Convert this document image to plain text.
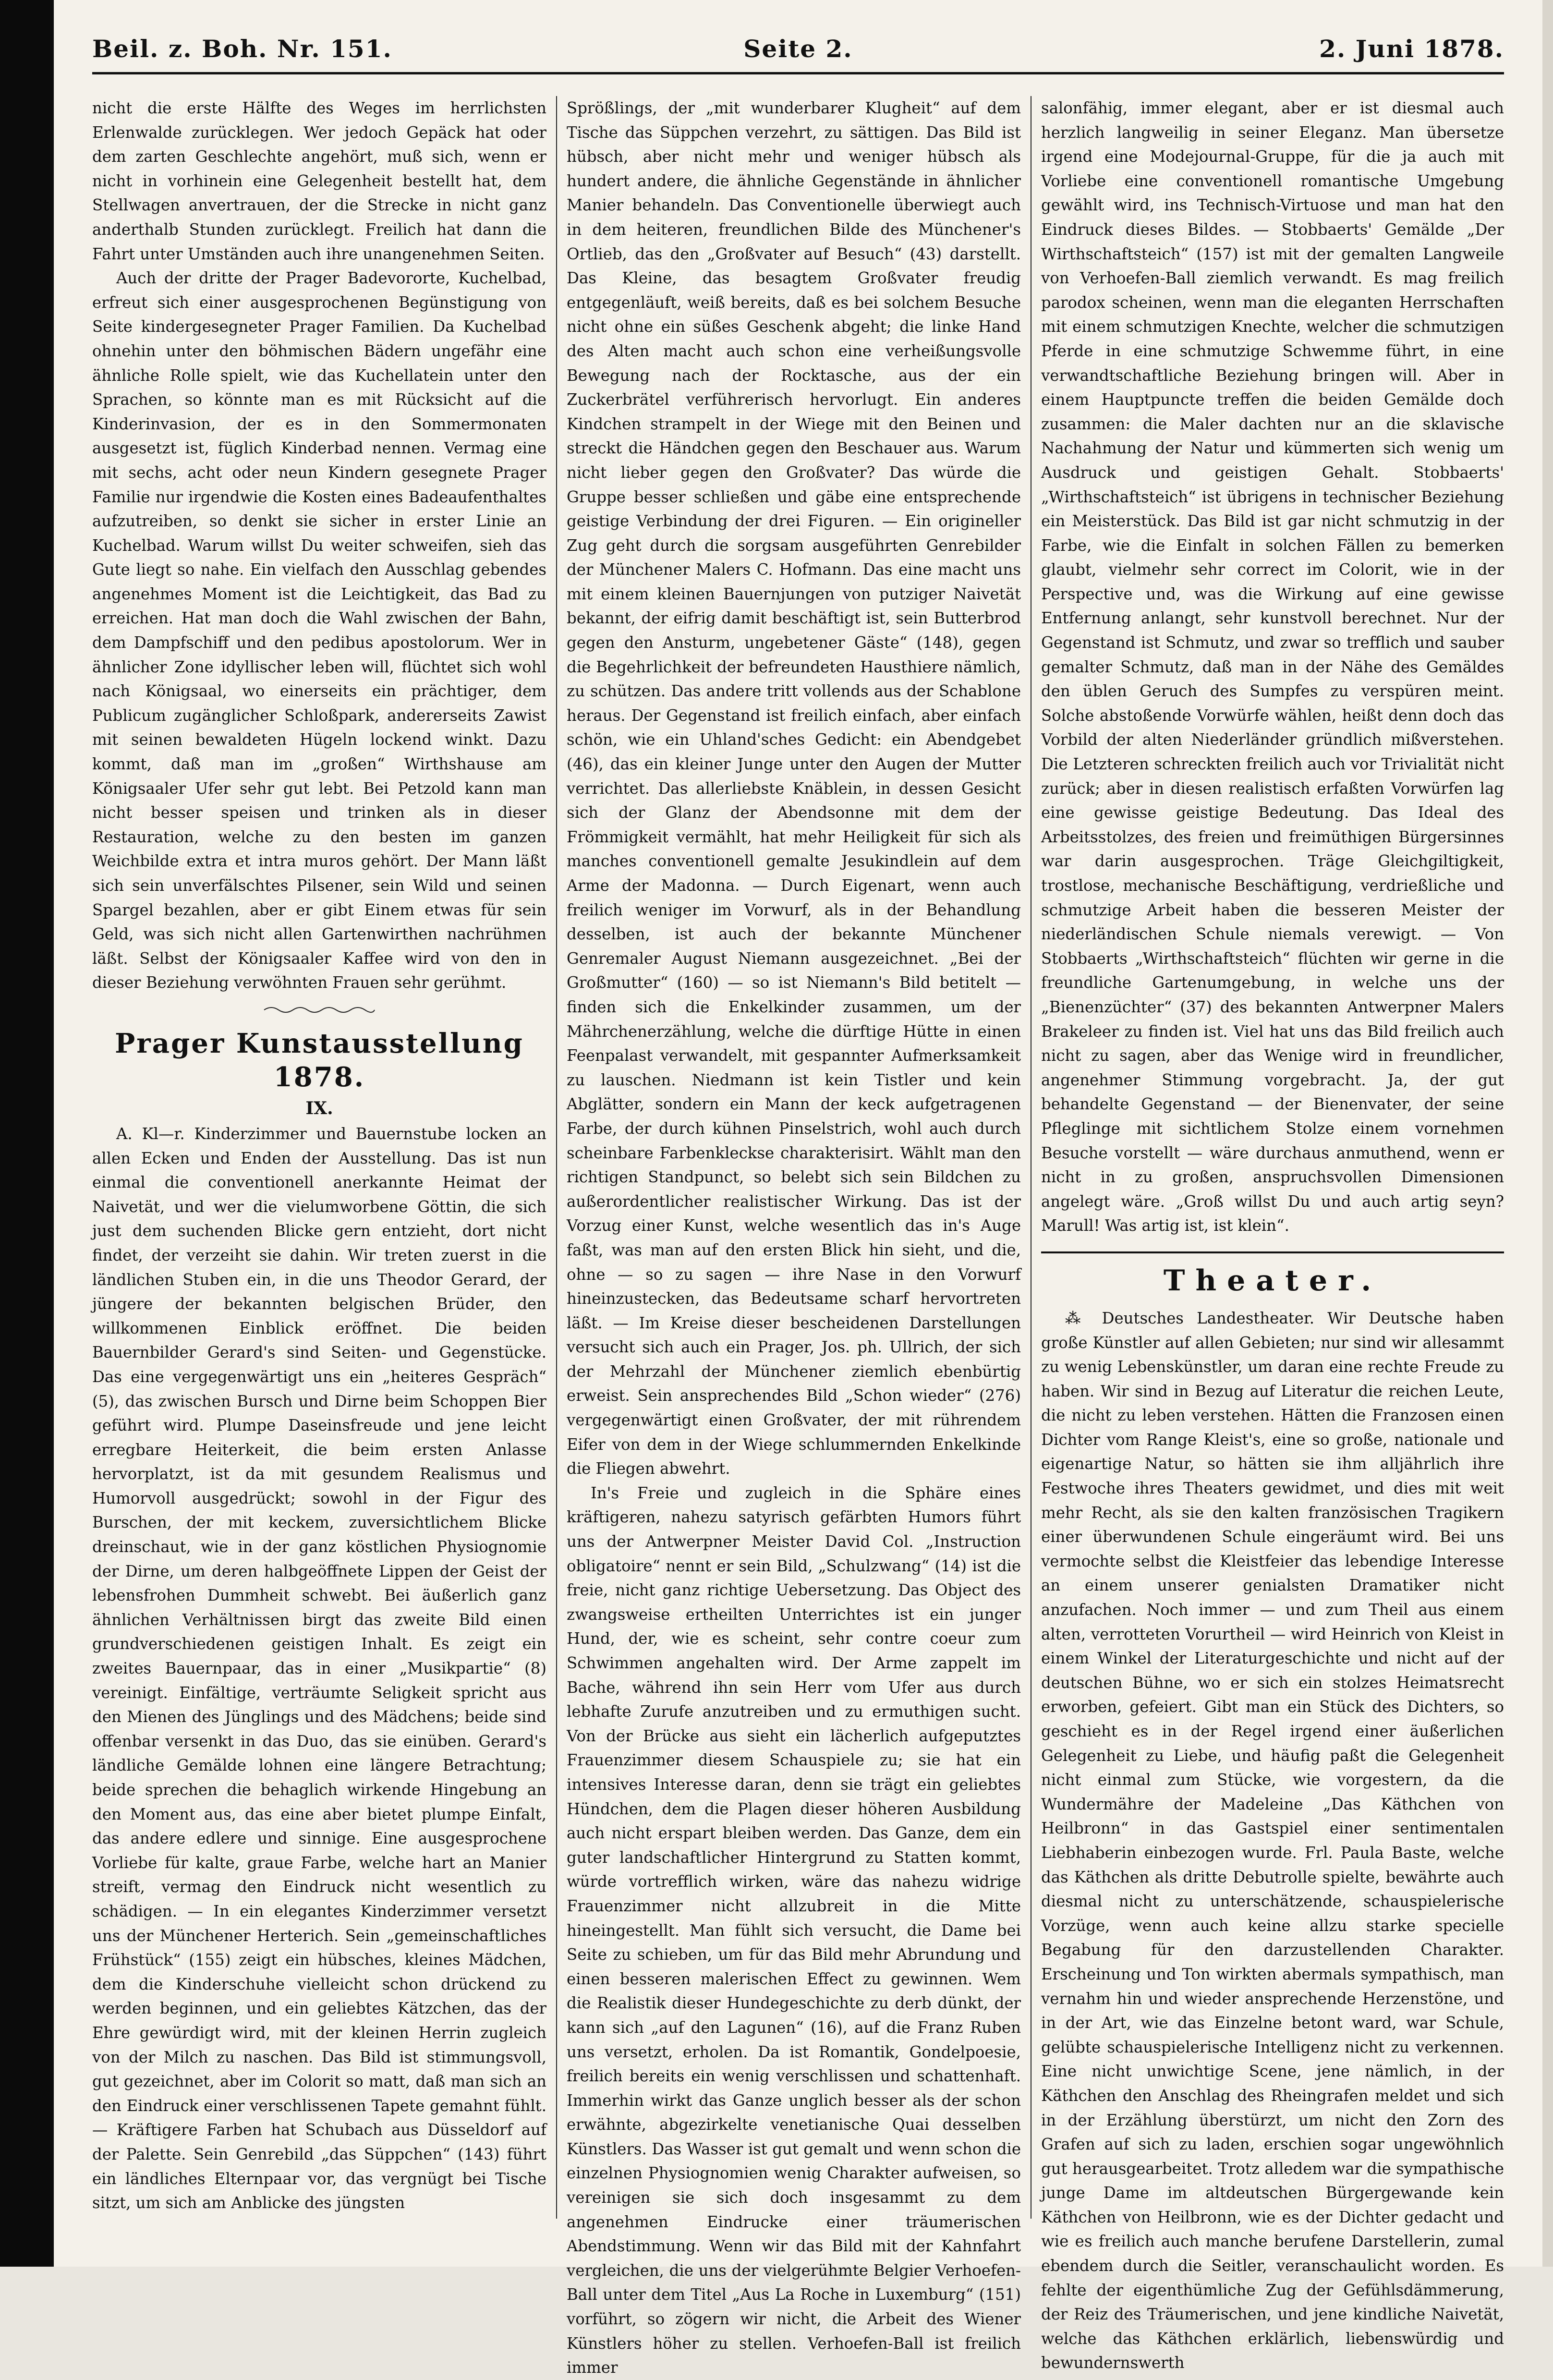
Beil. z. Boh. Nr. 151.	Seite 2.	2. Juni 1878.

nicht die erste Hälfte des Weges im herrlichsten Erlenwalde zurücklegen. Wer jedoch Gepäck hat oder dem zarten Geschlechte angehört, muß sich, wenn er nicht in vorhinein eine Gelegenheit bestellt hat, dem Stellwagen anvertrauen, der die Strecke in nicht ganz anderthalb Stunden zurücklegt. Freilich hat dann die Fahrt unter Umständen auch ihre unangenehmen Seiten.

Auch der dritte der Prager Badevororte, Kuchelbad, erfreut sich einer ausgesprochenen Begünstigung von Seite kindergesegneter Prager Familien. Da Kuchelbad ohnehin unter den böhmischen Bädern ungefähr eine ähnliche Rolle spielt, wie das Kuchellatein unter den Sprachen, so könnte man es mit Rücksicht auf die Kinderinvasion, der es in den Sommermonaten ausgesetzt ist, füglich Kinderbad nennen. Vermag eine mit sechs, acht oder neun Kindern gesegnete Prager Familie nur irgendwie die Kosten eines Badeaufenthaltes aufzutreiben, so denkt sie sicher in erster Linie an Kuchelbad. Warum willst Du weiter schweifen, sieh das Gute liegt so nahe. Ein vielfach den Ausschlag gebendes angenehmes Moment ist die Leichtigkeit, das Bad zu erreichen. Hat man doch die Wahl zwischen der Bahn, dem Dampfschiff und den pedibus apostolorum. Wer in ähnlicher Zone idyllischer leben will, flüchtet sich wohl nach Königsaal, wo einerseits ein prächtiger, dem Publicum zugänglicher Schloßpark, andererseits Zawist mit seinen bewaldeten Hügeln lockend winkt. Dazu kommt, daß man im „großen“ Wirthshause am Königsaaler Ufer sehr gut lebt. Bei Petzold kann man nicht besser speisen und trinken als in dieser Restauration, welche zu den besten im ganzen Weichbilde extra et intra muros gehört. Der Mann läßt sich sein unverfälschtes Pilsener, sein Wild und seinen Spargel bezahlen, aber er gibt Einem etwas für sein Geld, was sich nicht allen Gartenwirthen nachrühmen läßt. Selbst der Königsaaler Kaffee wird von den in dieser Beziehung verwöhnten Frauen sehr gerühmt.

Prager Kunstausstellung 1878.
IX.

A. Kl—r. Kinderzimmer und Bauernstube locken an allen Ecken und Enden der Ausstellung. Das ist nun einmal die conventionell anerkannte Heimat der Naivetät, und wer die vielumworbene Göttin, die sich just dem suchenden Blicke gern entzieht, dort nicht findet, der verzeiht sie dahin. Wir treten zuerst in die ländlichen Stuben ein, in die uns Theodor Gerard, der jüngere der bekannten belgischen Brüder, den willkommenen Einblick eröffnet. Die beiden Bauernbilder Gerard's sind Seiten- und Gegenstücke. Das eine vergegenwärtigt uns ein „heiteres Gespräch“ (5), das zwischen Bursch und Dirne beim Schoppen Bier geführt wird. Plumpe Daseinsfreude und jene leicht erregbare Heiterkeit, die beim ersten Anlasse hervorplatzt, ist da mit gesundem Realismus und Humorvoll ausgedrückt; sowohl in der Figur des Burschen, der mit keckem, zuversichtlichem Blicke dreinschaut, wie in der ganz köstlichen Physiognomie der Dirne, um deren halbgeöffnete Lippen der Geist der lebensfrohen Dummheit schwebt. Bei äußerlich ganz ähnlichen Verhältnissen birgt das zweite Bild einen grundverschiedenen geistigen Inhalt. Es zeigt ein zweites Bauernpaar, das in einer „Musikpartie“ (8) vereinigt. Einfältige, verträumte Seligkeit spricht aus den Mienen des Jünglings und des Mädchens; beide sind offenbar versenkt in das Duo, das sie einüben. Gerard's ländliche Gemälde lohnen eine längere Betrachtung; beide sprechen die behaglich wirkende Hingebung an den Moment aus, das eine aber bietet plumpe Einfalt, das andere edlere und sinnige. Eine ausgesprochene Vorliebe für kalte, graue Farbe, welche hart an Manier streift, vermag den Eindruck nicht wesentlich zu schädigen. — In ein elegantes Kinderzimmer versetzt uns der Münchener Herterich. Sein „gemeinschaftliches Frühstück“ (155) zeigt ein hübsches, kleines Mädchen, dem die Kinderschuhe vielleicht schon drückend zu werden beginnen, und ein geliebtes Kätzchen, das der Ehre gewürdigt wird, mit der kleinen Herrin zugleich von der Milch zu naschen. Das Bild ist stimmungsvoll, gut gezeichnet, aber im Colorit so matt, daß man sich an den Eindruck einer verschlissenen Tapete gemahnt fühlt. — Kräftigere Farben hat Schubach aus Düsseldorf auf der Palette. Sein Genrebild „das Süppchen“ (143) führt ein ländliches Elternpaar vor, das vergnügt bei Tische sitzt, um sich am Anblicke des jüngsten

Sprößlings, der „mit wunderbarer Klugheit“ auf dem Tische das Süppchen verzehrt, zu sättigen. Das Bild ist hübsch, aber nicht mehr und weniger hübsch als hundert andere, die ähnliche Gegenstände in ähnlicher Manier behandeln. Das Conventionelle überwiegt auch in dem heiteren, freundlichen Bilde des Münchener's Ortlieb, das den „Großvater auf Besuch“ (43) darstellt. Das Kleine, das besagtem Großvater freudig entgegenläuft, weiß bereits, daß es bei solchem Besuche nicht ohne ein süßes Geschenk abgeht; die linke Hand des Alten macht auch schon eine verheißungsvolle Bewegung nach der Rocktasche, aus der ein Zuckerbrätel verführerisch hervorlugt. Ein anderes Kindchen strampelt in der Wiege mit den Beinen und streckt die Händchen gegen den Beschauer aus. Warum nicht lieber gegen den Großvater? Das würde die Gruppe besser schließen und gäbe eine entsprechende geistige Verbindung der drei Figuren. — Ein origineller Zug geht durch die sorgsam ausgeführten Genrebilder der Münchener Malers C. Hofmann. Das eine macht uns mit einem kleinen Bauernjungen von putziger Naivetät bekannt, der eifrig damit beschäftigt ist, sein Butterbrod gegen den Ansturm, ungebetener Gäste“ (148), gegen die Begehrlichkeit der befreundeten Hausthiere nämlich, zu schützen. Das andere tritt vollends aus der Schablone heraus. Der Gegenstand ist freilich einfach, aber einfach schön, wie ein Uhland'sches Gedicht: ein Abendgebet (46), das ein kleiner Junge unter den Augen der Mutter verrichtet. Das allerliebste Knäblein, in dessen Gesicht sich der Glanz der Abendsonne mit dem der Frömmigkeit vermählt, hat mehr Heiligkeit für sich als manches conventionell gemalte Jesukindlein auf dem Arme der Madonna. — Durch Eigenart, wenn auch freilich weniger im Vorwurf, als in der Behandlung desselben, ist auch der bekannte Münchener Genremaler August Niemann ausgezeichnet. „Bei der Großmutter“ (160) — so ist Niemann's Bild betitelt — finden sich die Enkelkinder zusammen, um der Mährchenerzählung, welche die dürftige Hütte in einen Feenpalast verwandelt, mit gespannter Aufmerksamkeit zu lauschen. Niedmann ist kein Tistler und kein Abglätter, sondern ein Mann der keck aufgetragenen Farbe, der durch kühnen Pinselstrich, wohl auch durch scheinbare Farbenkleckse charakterisirt. Wählt man den richtigen Standpunct, so belebt sich sein Bildchen zu außerordentlicher realistischer Wirkung. Das ist der Vorzug einer Kunst, welche wesentlich das in's Auge faßt, was man auf den ersten Blick hin sieht, und die, ohne — so zu sagen — ihre Nase in den Vorwurf hineinzustecken, das Bedeutsame scharf hervortreten läßt. — Im Kreise dieser bescheidenen Darstellungen versucht sich auch ein Prager, Jos. ph. Ullrich, der sich der Mehrzahl der Münchener ziemlich ebenbürtig erweist. Sein ansprechendes Bild „Schon wieder“ (276) vergegenwärtigt einen Großvater, der mit rührendem Eifer von dem in der Wiege schlummernden Enkelkinde die Fliegen abwehrt.

In's Freie und zugleich in die Sphäre eines kräftigeren, nahezu satyrisch gefärbten Humors führt uns der Antwerpner Meister David Col. „Instruction obligatoire“ nennt er sein Bild, „Schulzwang“ (14) ist die freie, nicht ganz richtige Uebersetzung. Das Object des zwangsweise ertheilten Unterrichtes ist ein junger Hund, der, wie es scheint, sehr contre coeur zum Schwimmen angehalten wird. Der Arme zappelt im Bache, während ihn sein Herr vom Ufer aus durch lebhafte Zurufe anzutreiben und zu ermuthigen sucht. Von der Brücke aus sieht ein lächerlich aufgeputztes Frauenzimmer diesem Schauspiele zu; sie hat ein intensives Interesse daran, denn sie trägt ein geliebtes Hündchen, dem die Plagen dieser höheren Ausbildung auch nicht erspart bleiben werden. Das Ganze, dem ein guter landschaftlicher Hintergrund zu Statten kommt, würde vortrefflich wirken, wäre das nahezu widrige Frauenzimmer nicht allzubreit in die Mitte hineingestellt. Man fühlt sich versucht, die Dame bei Seite zu schieben, um für das Bild mehr Abrundung und einen besseren malerischen Effect zu gewinnen. Wem die Realistik dieser Hundegeschichte zu derb dünkt, der kann sich „auf den Lagunen“ (16), auf die Franz Ruben uns versetzt, erholen. Da ist Romantik, Gondelpoesie, freilich bereits ein wenig verschlissen und schattenhaft. Immerhin wirkt das Ganze unglich besser als der schon erwähnte, abgezirkelte venetianische Quai desselben Künstlers. Das Wasser ist gut gemalt und wenn schon die einzelnen Physiognomien wenig Charakter aufweisen, so vereinigen sie sich doch insgesammt zu dem angenehmen Eindrucke einer träumerischen Abendstimmung. Wenn wir das Bild mit der Kahnfahrt vergleichen, die uns der vielgerühmte Belgier Verhoefen-Ball unter dem Titel „Aus La Roche in Luxemburg“ (151) vorführt, so zögern wir nicht, die Arbeit des Wiener Künstlers höher zu stellen. Verhoefen-Ball ist freilich immer

salonfähig, immer elegant, aber er ist diesmal auch herzlich langweilig in seiner Eleganz. Man übersetze irgend eine Modejournal-Gruppe, für die ja auch mit Vorliebe eine conventionell romantische Umgebung gewählt wird, ins Technisch-Virtuose und man hat den Eindruck dieses Bildes. — Stobbaerts' Gemälde „Der Wirthschaftsteich“ (157) ist mit der gemalten Langweile von Verhoefen-Ball ziemlich verwandt. Es mag freilich parodox scheinen, wenn man die eleganten Herrschaften mit einem schmutzigen Knechte, welcher die schmutzigen Pferde in eine schmutzige Schwemme führt, in eine verwandtschaftliche Beziehung bringen will. Aber in einem Hauptpuncte treffen die beiden Gemälde doch zusammen: die Maler dachten nur an die sklavische Nachahmung der Natur und kümmerten sich wenig um Ausdruck und geistigen Gehalt. Stobbaerts' „Wirthschaftsteich“ ist übrigens in technischer Beziehung ein Meisterstück. Das Bild ist gar nicht schmutzig in der Farbe, wie die Einfalt in solchen Fällen zu bemerken glaubt, vielmehr sehr correct im Colorit, wie in der Perspective und, was die Wirkung auf eine gewisse Entfernung anlangt, sehr kunstvoll berechnet. Nur der Gegenstand ist Schmutz, und zwar so trefflich und sauber gemalter Schmutz, daß man in der Nähe des Gemäldes den üblen Geruch des Sumpfes zu verspüren meint. Solche abstoßende Vorwürfe wählen, heißt denn doch das Vorbild der alten Niederländer gründlich mißverstehen. Die Letzteren schreckten freilich auch vor Trivialität nicht zurück; aber in diesen realistisch erfaßten Vorwürfen lag eine gewisse geistige Bedeutung. Das Ideal des Arbeitsstolzes, des freien und freimüthigen Bürgersinnes war darin ausgesprochen. Träge Gleichgiltigkeit, trostlose, mechanische Beschäftigung, verdrießliche und schmutzige Arbeit haben die besseren Meister der niederländischen Schule niemals verewigt. — Von Stobbaerts „Wirthschaftsteich“ flüchten wir gerne in die freundliche Gartenumgebung, in welche uns der „Bienenzüchter“ (37) des bekannten Antwerpner Malers Brakeleer zu finden ist. Viel hat uns das Bild freilich auch nicht zu sagen, aber das Wenige wird in freundlicher, angenehmer Stimmung vorgebracht. Ja, der gut behandelte Gegenstand — der Bienenvater, der seine Pfleglinge mit sichtlichem Stolze einem vornehmen Besuche vorstellt — wäre durchaus anmuthend, wenn er nicht in zu großen, anspruchsvollen Dimensionen angelegt wäre. „Groß willst Du und auch artig seyn? Marull! Was artig ist, ist klein“.

Theater.

⁂ Deutsches Landestheater. Wir Deutsche haben große Künstler auf allen Gebieten; nur sind wir allesammt zu wenig Lebenskünstler, um daran eine rechte Freude zu haben. Wir sind in Bezug auf Literatur die reichen Leute, die nicht zu leben verstehen. Hätten die Franzosen einen Dichter vom Range Kleist's, eine so große, nationale und eigenartige Natur, so hätten sie ihm alljährlich ihre Festwoche ihres Theaters gewidmet, und dies mit weit mehr Recht, als sie den kalten französischen Tragikern einer überwundenen Schule eingeräumt wird. Bei uns vermochte selbst die Kleistfeier das lebendige Interesse an einem unserer genialsten Dramatiker nicht anzufachen. Noch immer — und zum Theil aus einem alten, verrotteten Vorurtheil — wird Heinrich von Kleist in einem Winkel der Literaturgeschichte und nicht auf der deutschen Bühne, wo er sich ein stolzes Heimatsrecht erworben, gefeiert. Gibt man ein Stück des Dichters, so geschieht es in der Regel irgend einer äußerlichen Gelegenheit zu Liebe, und häufig paßt die Gelegenheit nicht einmal zum Stücke, wie vorgestern, da die Wundermähre der Madeleine „Das Käthchen von Heilbronn“ in das Gastspiel einer sentimentalen Liebhaberin einbezogen wurde. Frl. Paula Baste, welche das Käthchen als dritte Debutrolle spielte, bewährte auch diesmal nicht zu unterschätzende, schauspielerische Vorzüge, wenn auch keine allzu starke specielle Begabung für den darzustellenden Charakter. Erscheinung und Ton wirkten abermals sympathisch, man vernahm hin und wieder ansprechende Herzenstöne, und in der Art, wie das Einzelne betont ward, war Schule, gelübte schauspielerische Intelligenz nicht zu verkennen. Eine nicht unwichtige Scene, jene nämlich, in der Käthchen den Anschlag des Rheingrafen meldet und sich in der Erzählung überstürzt, um nicht den Zorn des Grafen auf sich zu laden, erschien sogar ungewöhnlich gut herausgearbeitet. Trotz alledem war die sympathische junge Dame im altdeutschen Bürgergewande kein Käthchen von Heilbronn, wie es der Dichter gedacht und wie es freilich auch manche berufene Darstellerin, zumal ebendem durch die Seitler, veranschaulicht worden. Es fehlte der eigenthümliche Zug der Gefühlsdämmerung, der Reiz des Träumerischen, und jene kindliche Naivetät, welche das Käthchen erklärlich, liebenswürdig und bewundernswerth
